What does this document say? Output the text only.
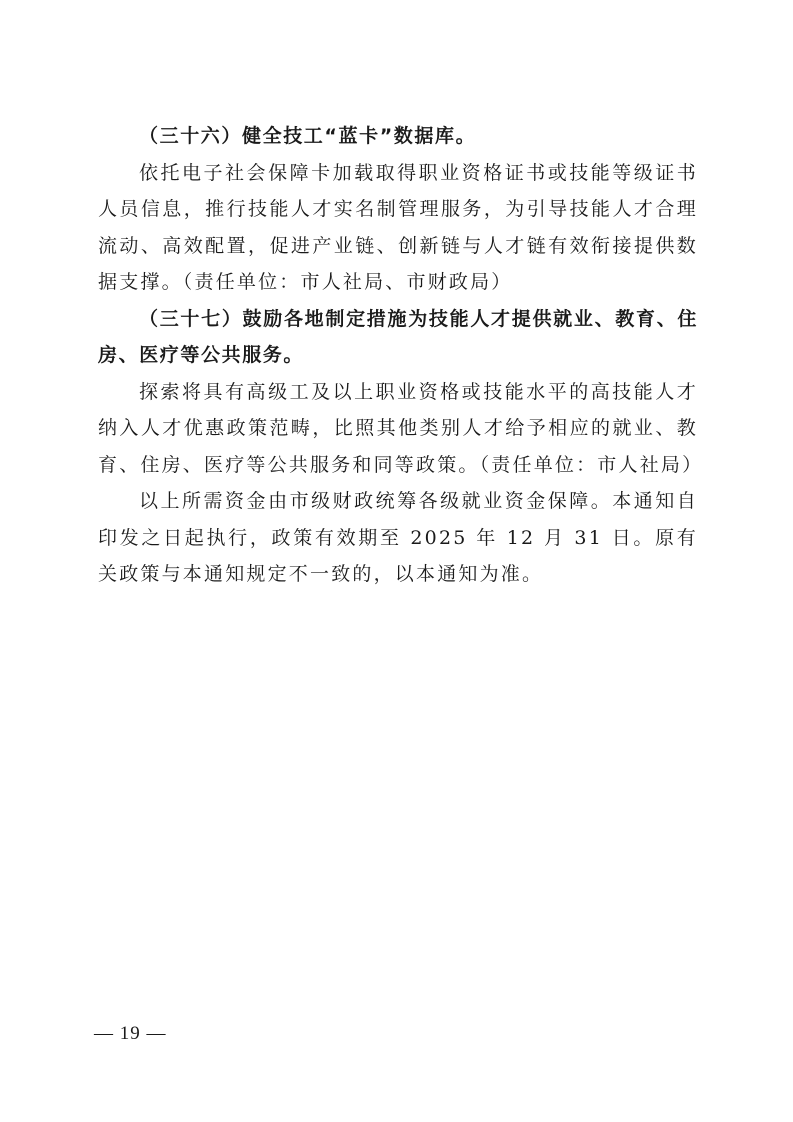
（三十六）健全技工“蓝卡”数据库。

依托电子社会保障卡加载取得职业资格证书或技能等级证书人员信息，推行技能人才实名制管理服务，为引导技能人才合理流动、高效配置，促进产业链、创新链与人才链有效衔接提供数据支撑。（责任单位：市人社局、市财政局）

（三十七）鼓励各地制定措施为技能人才提供就业、教育、住房、医疗等公共服务。

探索将具有高级工及以上职业资格或技能水平的高技能人才纳入人才优惠政策范畴，比照其他类别人才给予相应的就业、教育、住房、医疗等公共服务和同等政策。（责任单位：市人社局）

以上所需资金由市级财政统筹各级就业资金保障。本通知自印发之日起执行，政策有效期至 2025 年 12 月 31 日。原有关政策与本通知规定不一致的，以本通知为准。

— 19 —
